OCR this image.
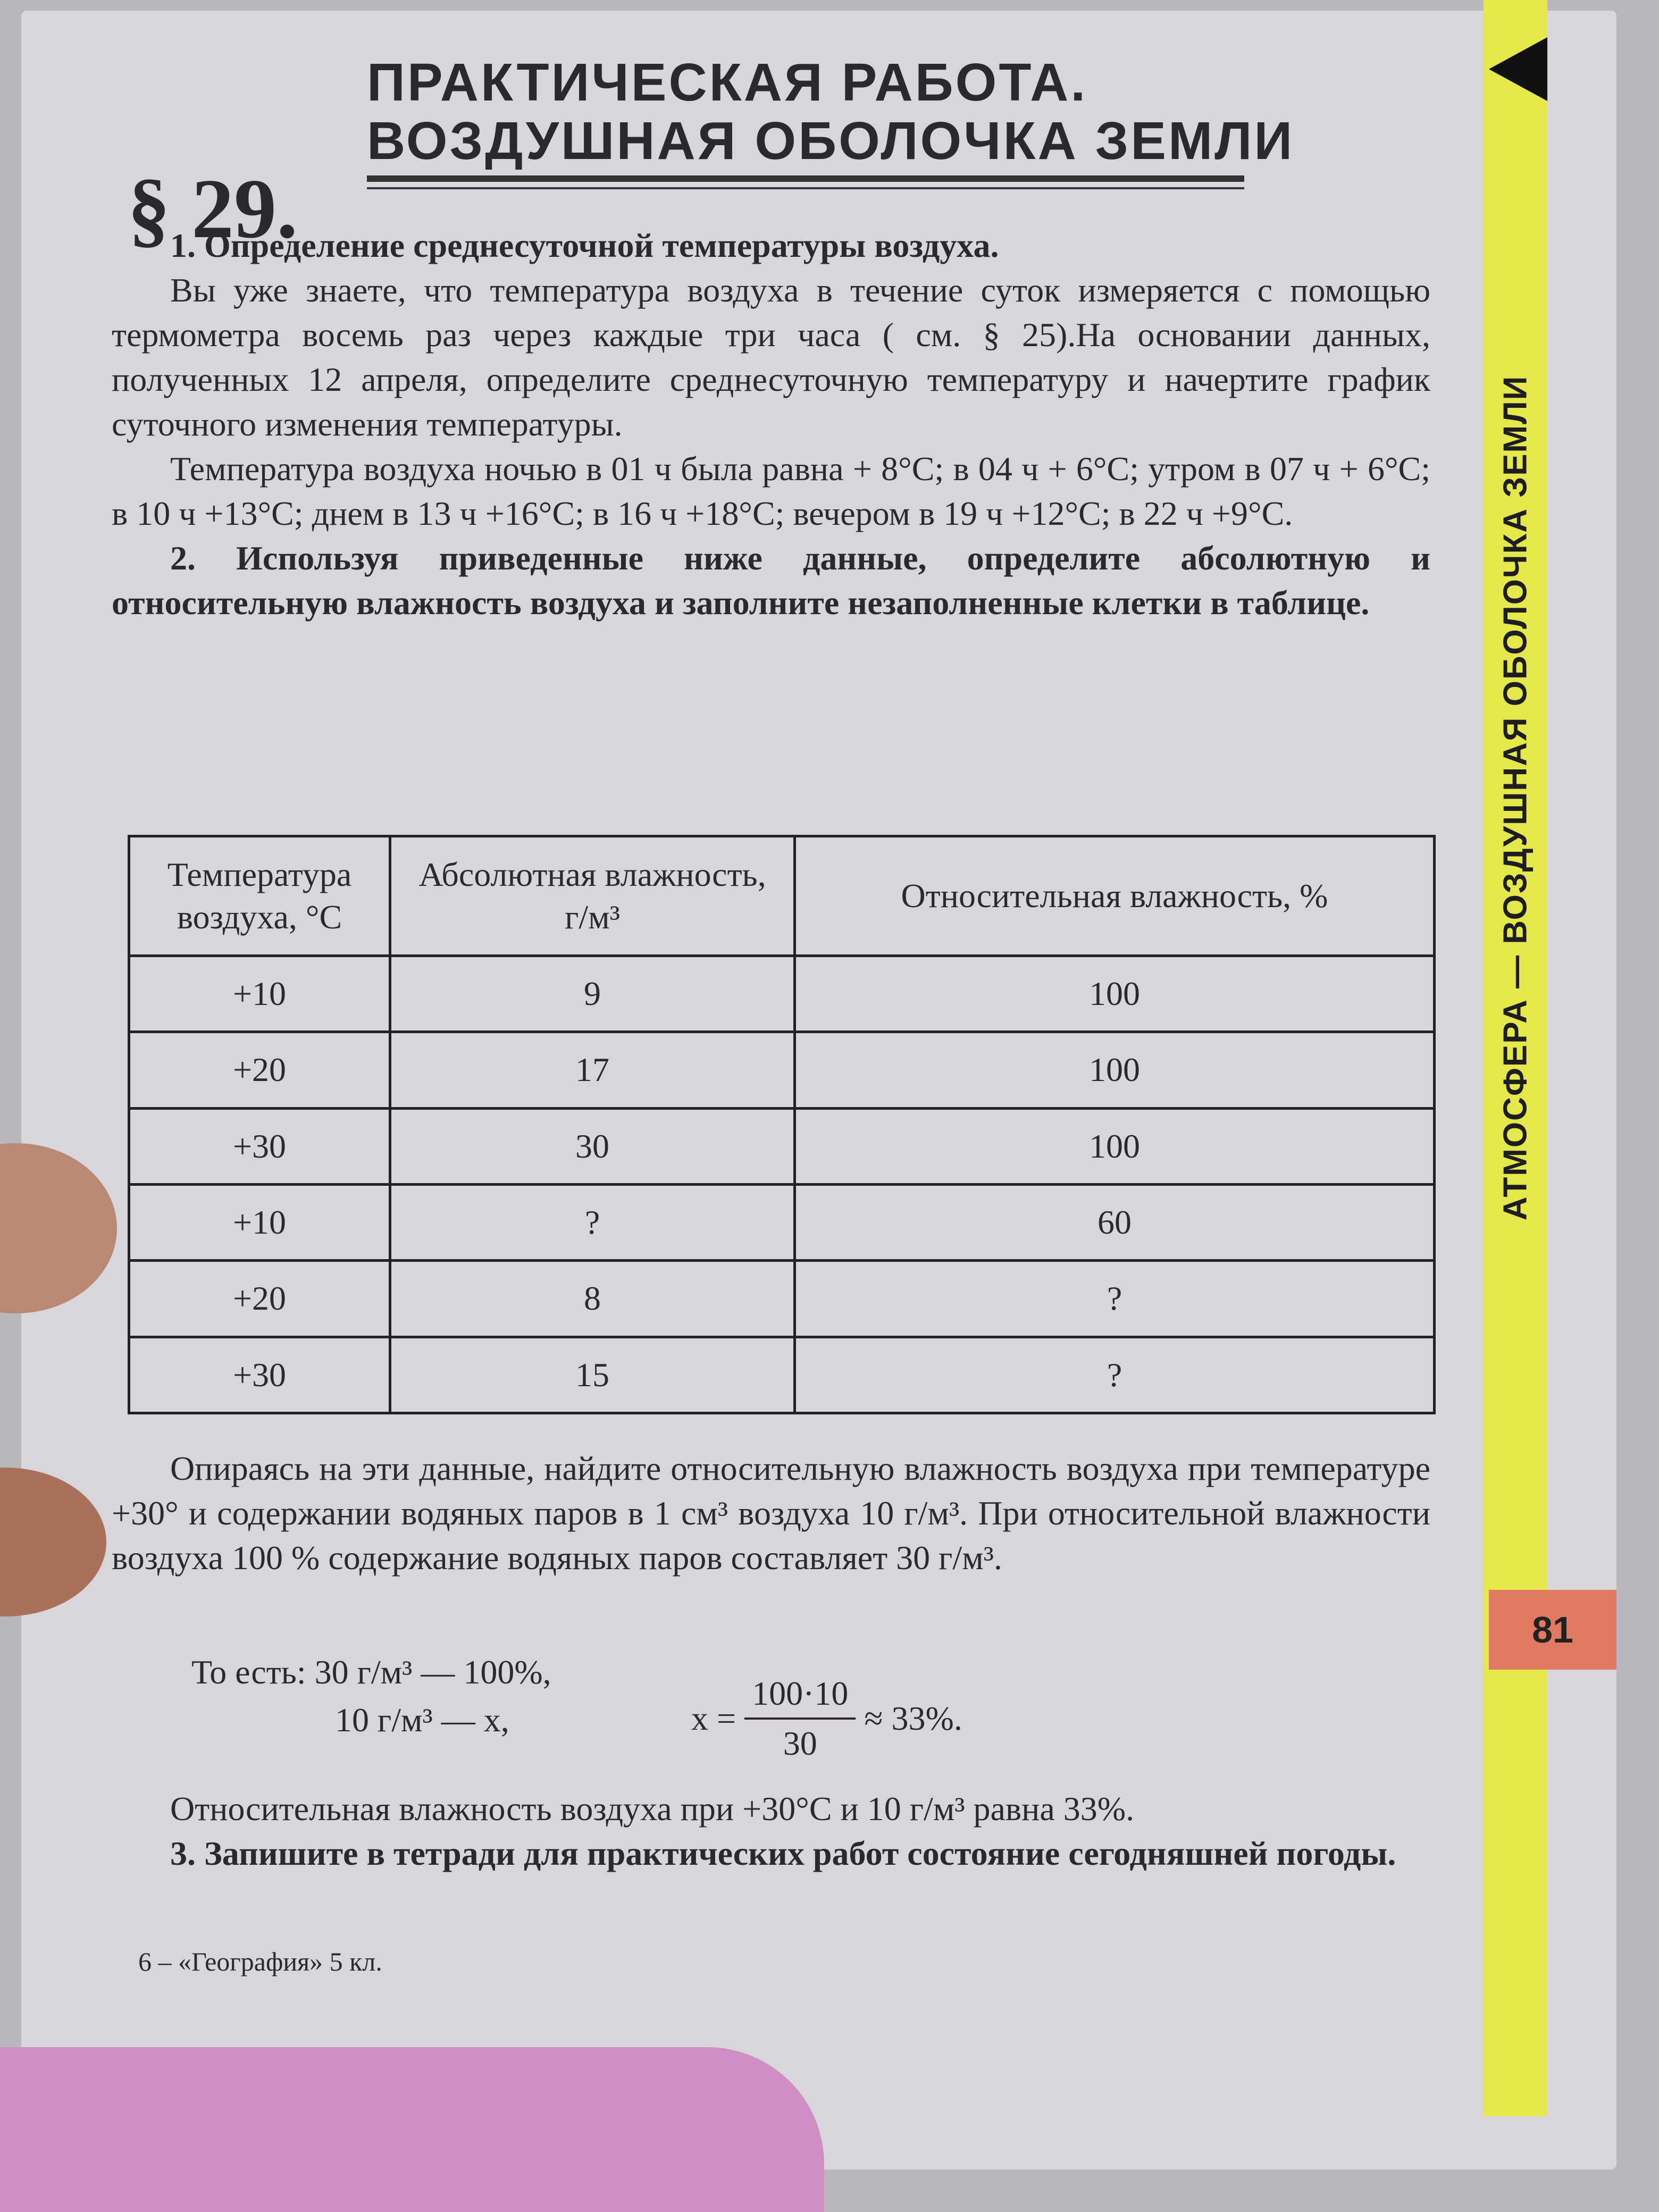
АТМОСФЕРА — ВОЗДУШНАЯ ОБОЛОЧКА ЗЕМЛИ
81
§ 29.
ПРАКТИЧЕСКАЯ РАБОТА.
ВОЗДУШНАЯ ОБОЛОЧКА ЗЕМЛИ

1. Определение среднесуточной температуры воздуха.

Вы уже знаете, что температура воздуха в течение суток измеряется с помощью термометра восемь раз через каждые три часа ( см. § 25).На основании данных, полученных 12 апреля, определите среднесуточную температуру и начертите график суточного изменения температуры.

Температура воздуха ночью в 01 ч была равна + 8°С; в 04 ч + 6°С; утром в 07 ч + 6°С; в 10 ч +13°С; днем в 13 ч +16°С; в 16 ч +18°С; вечером в 19 ч +12°С; в 22 ч +9°С.

2. Используя приведенные ниже данные, определите абсолютную и относительную влажность воздуха и заполните незаполненные клетки в таблице.

Температура воздуха, °С	Абсолютная влажность, г/м³	Относительная влажность, %
+10	9	100
+20	17	100
+30	30	100
+10	?	60
+20	8	?
+30	15	?

Опираясь на эти данные, найдите относительную влажность воздуха при температуре +30° и содержании водяных паров в 1 см³ воздуха 10 г/м³. При относительной влажности воздуха 100 % содержание водяных паров составляет 30 г/м³.

То есть: 30 г/м³ — 100%,
10 г/м³ — x,	$x = \frac{100\cdot 10}{30} \approx 33\%$.

Относительная влажность воздуха при +30°С и 10 г/м³ равна 33%.

3. Запишите в тетради для практических работ состояние сегодняшней погоды.

6 – «География» 5 кл.
